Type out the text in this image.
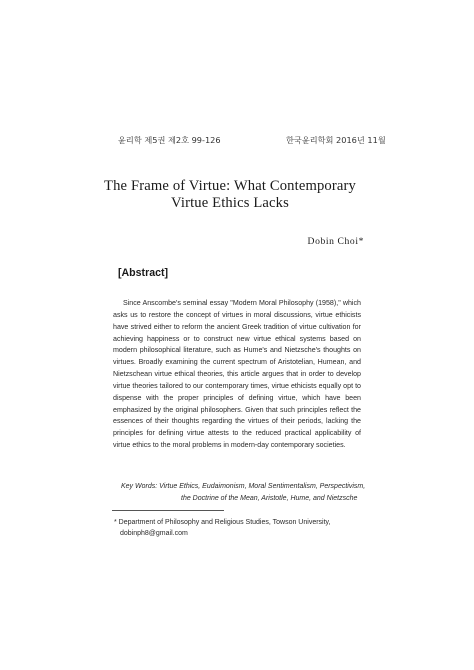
윤리학 제5권 제2호 99-126	한국윤리학회 2016년 11월
The Frame of Virtue: What Contemporary
Virtue Ethics Lacks
Dobin Choi*
[Abstract]
Since Anscombe's seminal essay "Modern Moral Philosophy (1958)," which asks us to restore the concept of virtues in moral discussions, virtue ethicists have strived either to reform the ancient Greek tradition of virtue cultivation for achieving happiness or to construct new virtue ethical systems based on modern philosophical literature, such as Hume's and Nietzsche's thoughts on virtues. Broadly examining the current spectrum of Aristotelian, Humean, and Nietzschean virtue ethical theories, this article argues that in order to develop virtue theories tailored to our contemporary times, virtue ethicists equally opt to dispense with the proper principles of defining virtue, which have been emphasized by the original philosophers. Given that such principles reflect the essences of their thoughts regarding the virtues of their periods, lacking the principles for defining virtue attests to the reduced practical applicability of virtue ethics to the moral problems in modern-day contemporary societies.
Key Words: Virtue Ethics, Eudaimonism, Moral Sentimentalism, Perspectivism,
the Doctrine of the Mean, Aristotle, Hume, and Nietzsche
* Department of Philosophy and Religious Studies, Towson University,
dobinph8@gmail.com
